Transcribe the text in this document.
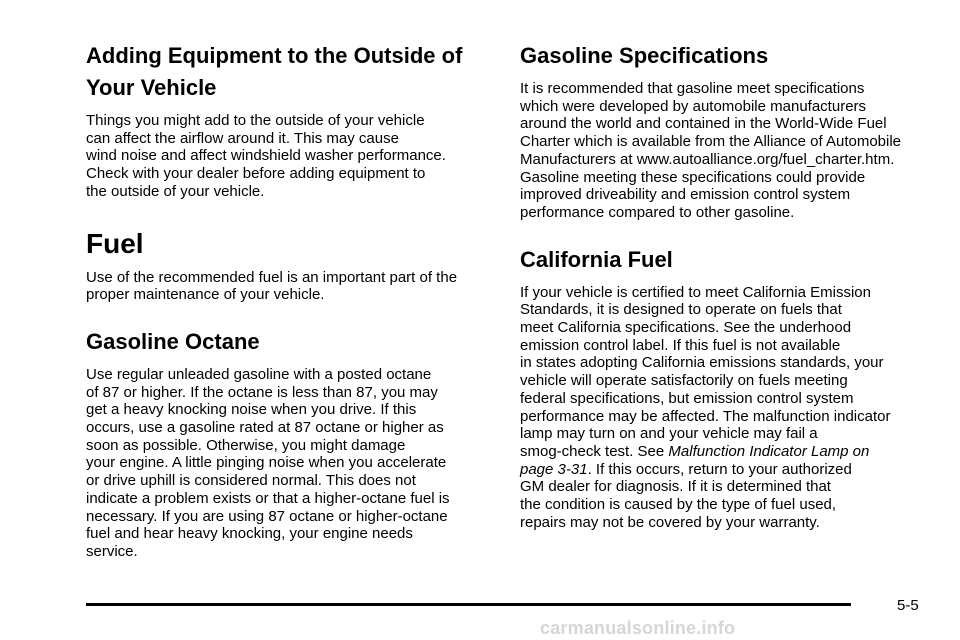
Adding Equipment to the Outside of
Your Vehicle

Things you might add to the outside of your vehicle
can affect the airflow around it. This may cause
wind noise and affect windshield washer performance.
Check with your dealer before adding equipment to
the outside of your vehicle.

Fuel

Use of the recommended fuel is an important part of the
proper maintenance of your vehicle.

Gasoline Octane

Use regular unleaded gasoline with a posted octane
of 87 or higher. If the octane is less than 87, you may
get a heavy knocking noise when you drive. If this
occurs, use a gasoline rated at 87 octane or higher as
soon as possible. Otherwise, you might damage
your engine. A little pinging noise when you accelerate
or drive uphill is considered normal. This does not
indicate a problem exists or that a higher-octane fuel is
necessary. If you are using 87 octane or higher-octane
fuel and hear heavy knocking, your engine needs
service.

Gasoline Specifications

It is recommended that gasoline meet specifications
which were developed by automobile manufacturers
around the world and contained in the World-Wide Fuel
Charter which is available from the Alliance of Automobile
Manufacturers at www.autoalliance.org/fuel_charter.htm.
Gasoline meeting these specifications could provide
improved driveability and emission control system
performance compared to other gasoline.

California Fuel

If your vehicle is certified to meet California Emission
Standards, it is designed to operate on fuels that
meet California specifications. See the underhood
emission control label. If this fuel is not available
in states adopting California emissions standards, your
vehicle will operate satisfactorily on fuels meeting
federal specifications, but emission control system
performance may be affected. The malfunction indicator
lamp may turn on and your vehicle may fail a
smog-check test. See Malfunction Indicator Lamp on
page 3-31. If this occurs, return to your authorized
GM dealer for diagnosis. If it is determined that
the condition is caused by the type of fuel used,
repairs may not be covered by your warranty.

5-5
carmanualsonline.info
